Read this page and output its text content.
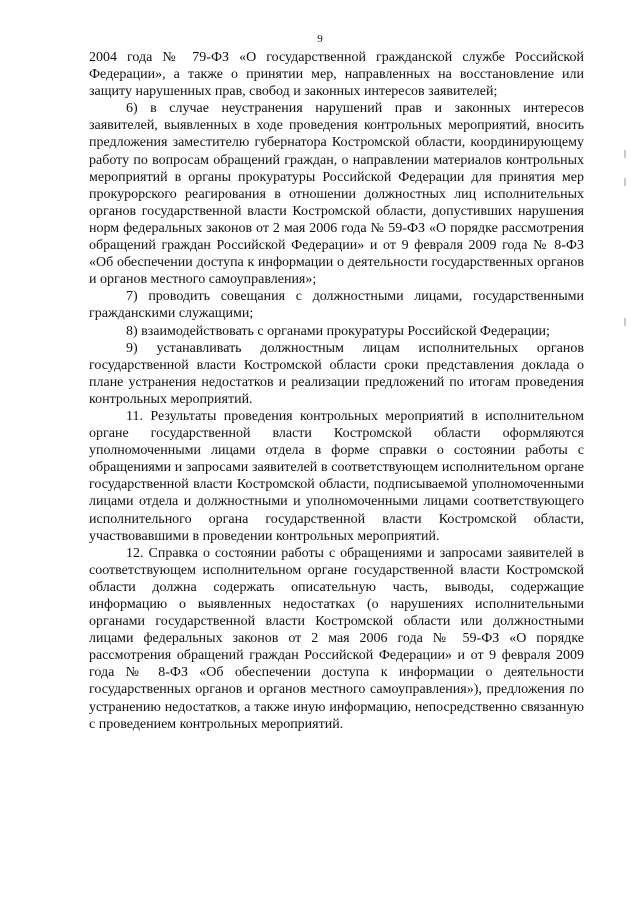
9

2004 года № 79-ФЗ «О государственной гражданской службе Российской Федерации», а также о принятии мер, направленных на восстановление или защиту нарушенных прав, свобод и законных интересов заявителей;

6) в случае неустранения нарушений прав и законных интересов заявителей, выявленных в ходе проведения контрольных мероприятий, вносить предложения заместителю губернатора Костромской области, координирующему работу по вопросам обращений граждан, о направлении материалов контрольных мероприятий в органы прокуратуры Российской Федерации для принятия мер прокурорского реагирования в отношении должностных лиц исполнительных органов государственной власти Костромской области, допустивших нарушения норм федеральных законов от 2 мая 2006 года № 59-ФЗ «О порядке рассмотрения обращений граждан Российской Федерации» и от 9 февраля 2009 года № 8-ФЗ «Об обеспечении доступа к информации о деятельности государственных органов и органов местного самоуправления»;

7) проводить совещания с должностными лицами, государственными гражданскими служащими;

8) взаимодействовать с органами прокуратуры Российской Федерации;

9) устанавливать должностным лицам исполнительных органов государственной власти Костромской области сроки представления доклада о плане устранения недостатков и реализации предложений по итогам проведения контрольных мероприятий.

11. Результаты проведения контрольных мероприятий в исполнительном органе государственной власти Костромской области оформляются уполномоченными лицами отдела в форме справки о состоянии работы с обращениями и запросами заявителей в соответствующем исполнительном органе государственной власти Костромской области, подписываемой уполномоченными лицами отдела и должностными и уполномоченными лицами соответствующего исполнительного органа государственной власти Костромской области, участвовавшими в проведении контрольных мероприятий.

12. Справка о состоянии работы с обращениями и запросами заявителей в соответствующем исполнительном органе государственной власти Костромской области должна содержать описательную часть, выводы, содержащие информацию о выявленных недостатках (о нарушениях исполнительными органами государственной власти Костромской области или должностными лицами федеральных законов от 2 мая 2006 года № 59-ФЗ «О порядке рассмотрения обращений граждан Российской Федерации» и от 9 февраля 2009 года № 8-ФЗ «Об обеспечении доступа к информации о деятельности государственных органов и органов местного самоуправления»), предложения по устранению недостатков, а также иную информацию, непосредственно связанную с проведением контрольных мероприятий.
